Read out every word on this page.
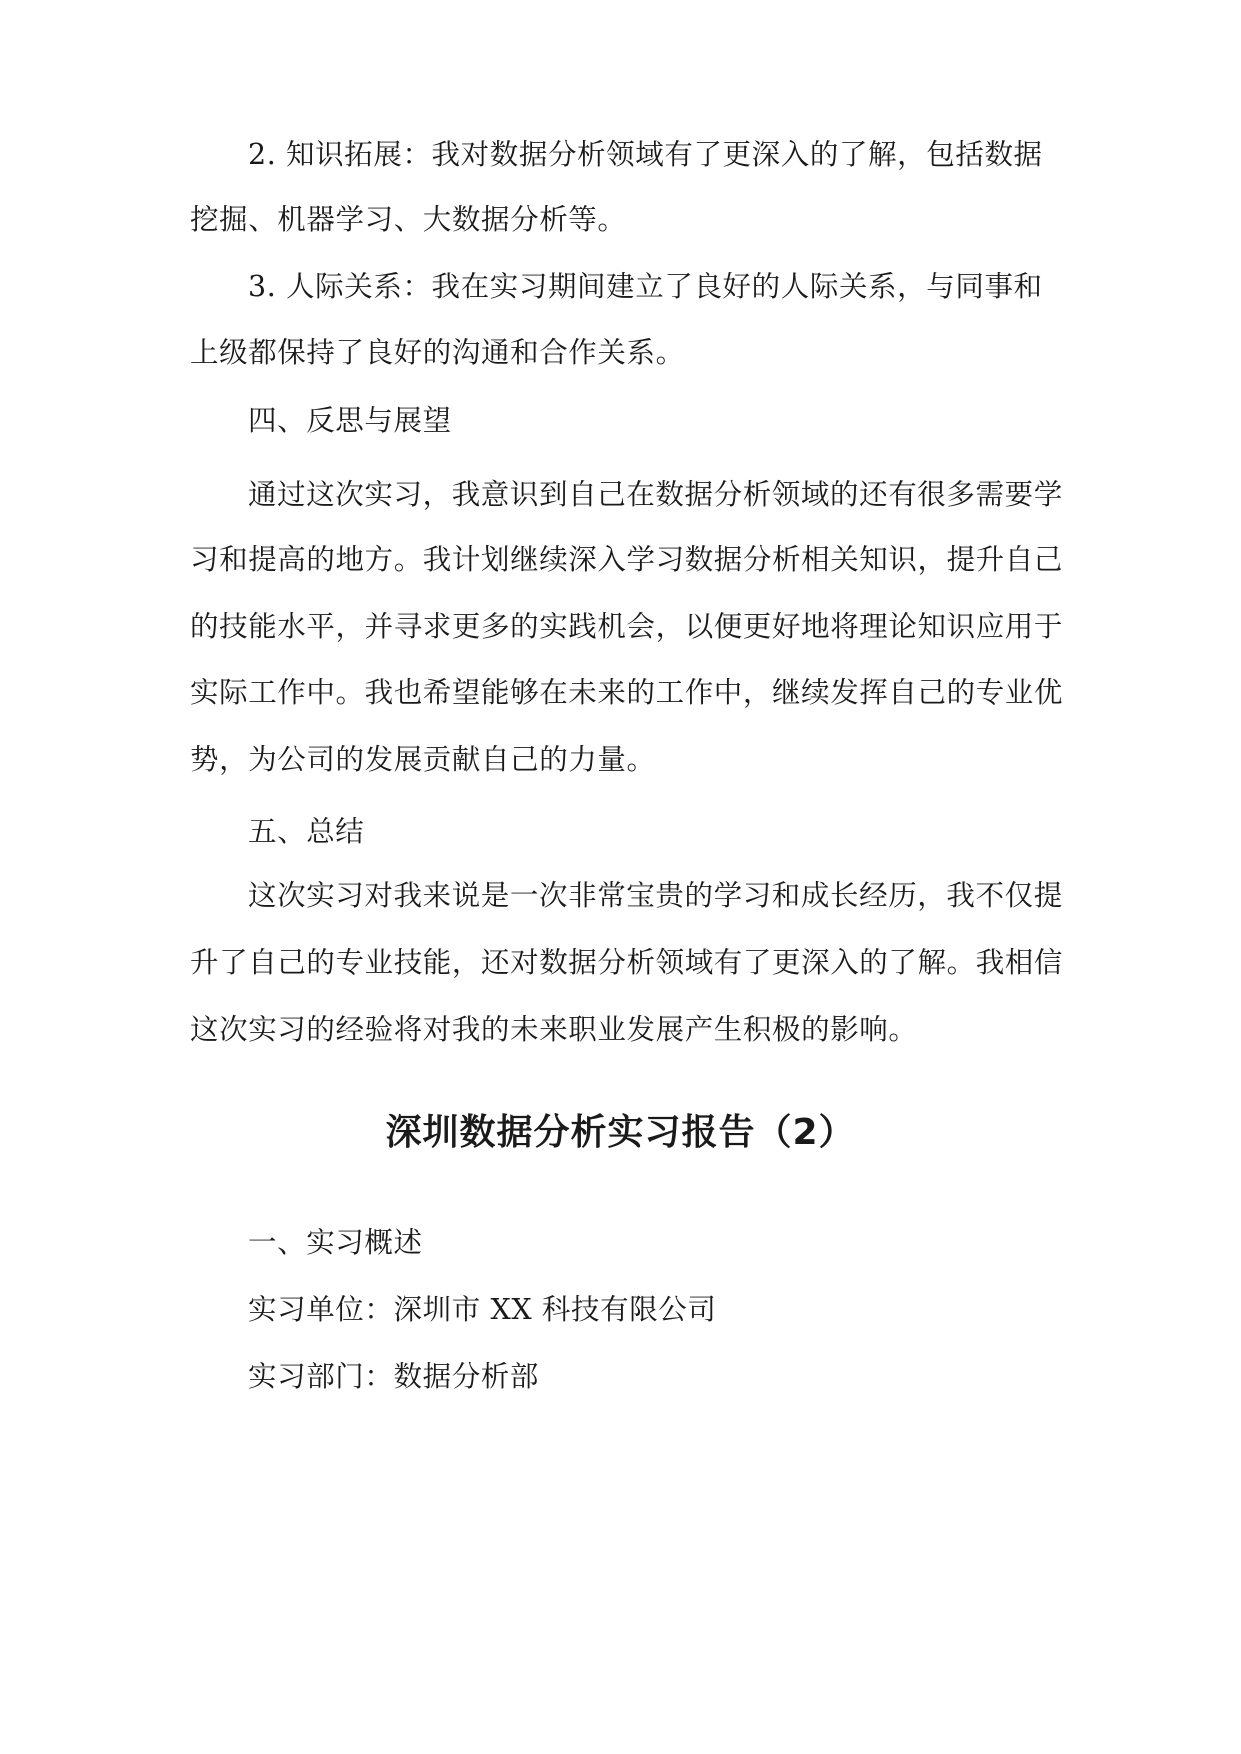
2. 知识拓展：我对数据分析领域有了更深入的了解，包括数据
挖掘、机器学习、大数据分析等。
3. 人际关系：我在实习期间建立了良好的人际关系，与同事和
上级都保持了良好的沟通和合作关系。
四、反思与展望
通过这次实习，我意识到自己在数据分析领域的还有很多需要学
习和提高的地方。我计划继续深入学习数据分析相关知识，提升自己
的技能水平，并寻求更多的实践机会，以便更好地将理论知识应用于
实际工作中。我也希望能够在未来的工作中，继续发挥自己的专业优
势，为公司的发展贡献自己的力量。
五、总结
这次实习对我来说是一次非常宝贵的学习和成长经历，我不仅提
升了自己的专业技能，还对数据分析领域有了更深入的了解。我相信
这次实习的经验将对我的未来职业发展产生积极的影响。
深圳数据分析实习报告（2）
一、实习概述
实习单位：深圳市 XX 科技有限公司
实习部门：数据分析部
